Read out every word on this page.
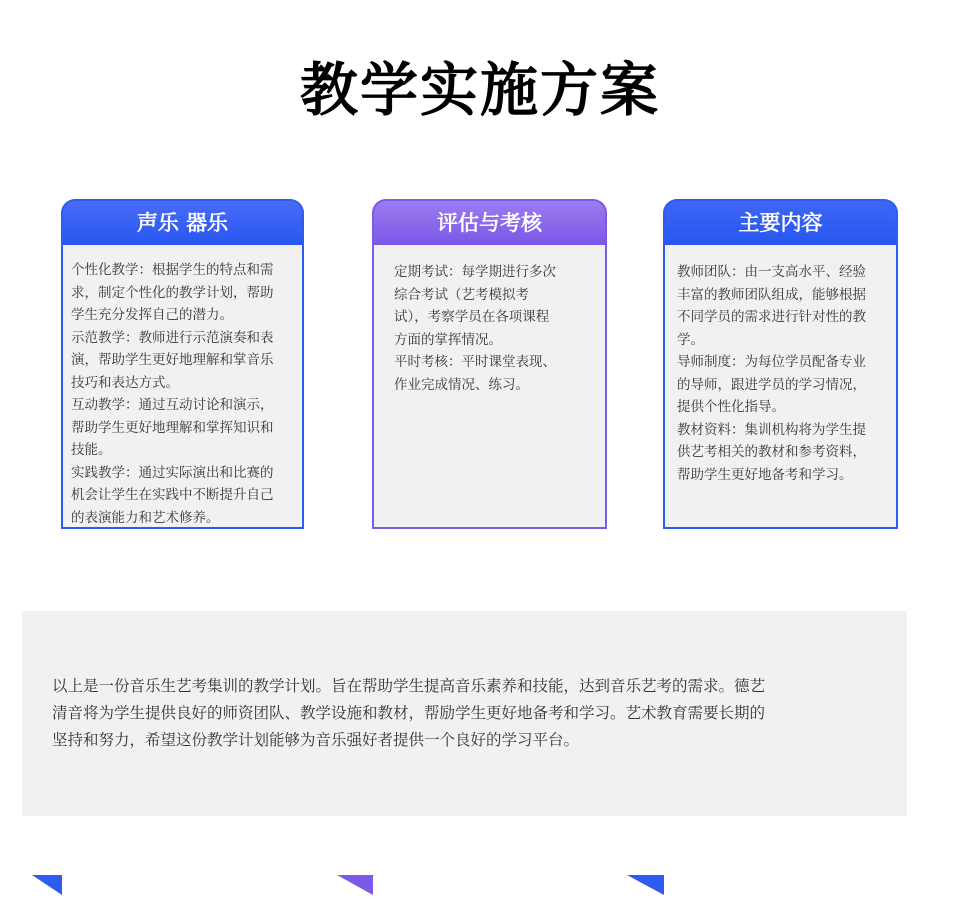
教学实施方案
声乐 器乐
个性化教学：根据学生的特点和需
求，制定个性化的教学计划，帮助
学生充分发挥自己的潜力。
示范教学：教师进行示范演奏和表
演，帮助学生更好地理解和掌音乐
技巧和表达方式。
互动教学：通过互动讨论和演示，
帮助学生更好地理解和掌挥知识和
技能。
实践教学：通过实际演出和比赛的
机会让学生在实践中不断提升自己
的表演能力和艺术修养。
评估与考核
定期考试：每学期进行多次
综合考试（艺考模拟考
试），考察学员在各项课程
方面的掌挥情况。
平时考核：平时课堂表现、
作业完成情况、练习。
主要内容
教师团队：由一支高水平、经验
丰富的教师团队组成，能够根据
不同学员的需求进行针对性的教
学。
导师制度：为每位学员配备专业
的导师，跟进学员的学习情况，
提供个性化指导。
教材资料：集训机构将为学生提
供艺考相关的教材和参考资料，
帮助学生更好地备考和学习。
以上是一份音乐生艺考集训的教学计划。旨在帮助学生提高音乐素养和技能，达到音乐艺考的需求。德艺
清音将为学生提供良好的师资团队、教学设施和教材，帮励学生更好地备考和学习。艺术教育需要长期的
坚持和努力，希望这份教学计划能够为音乐强好者提供一个良好的学习平台。
